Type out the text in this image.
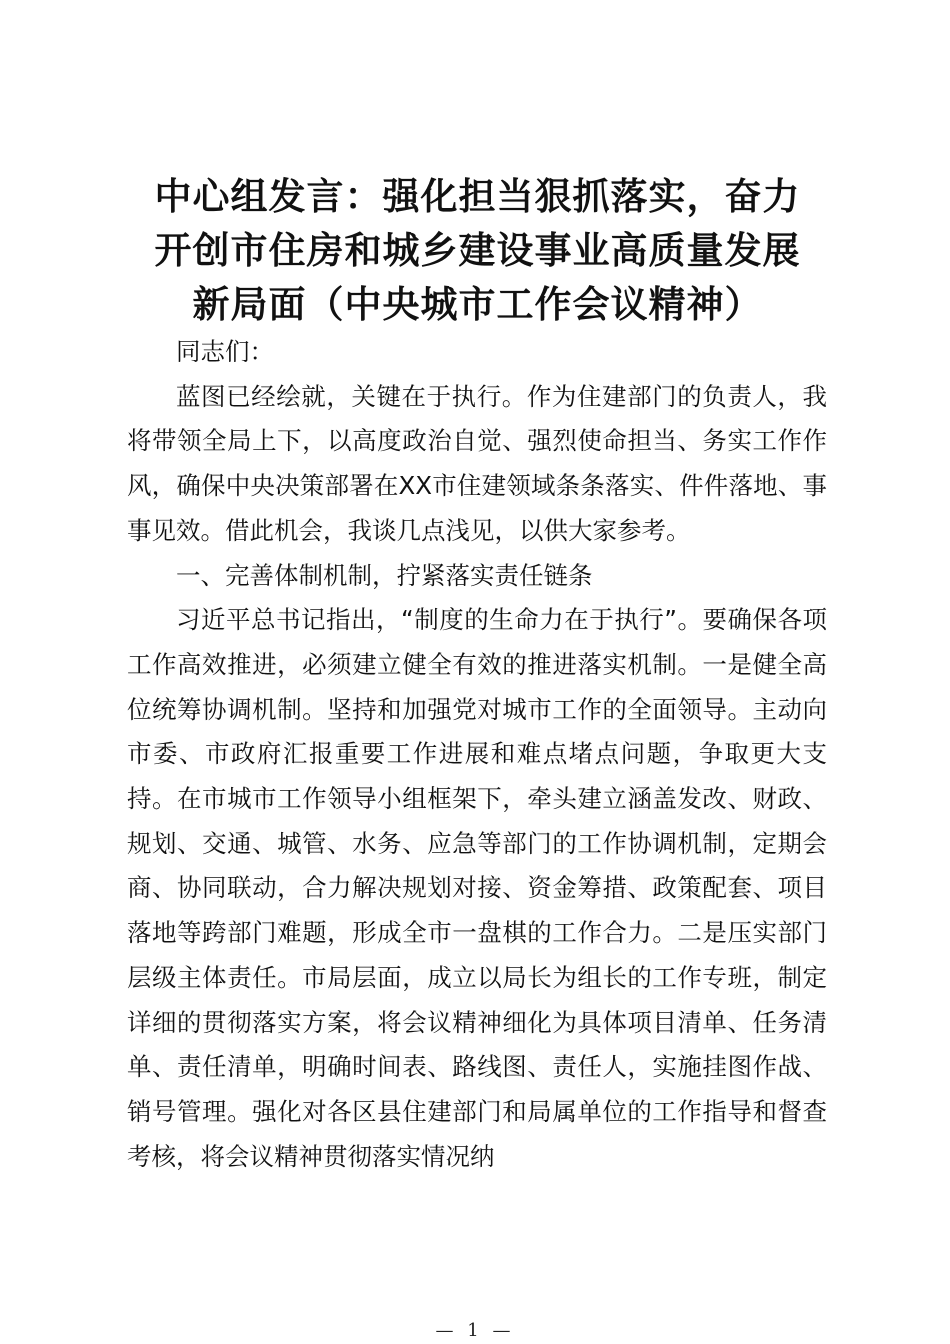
中心组发言：强化担当狠抓落实，奋力
开创市住房和城乡建设事业高质量发展
新局面（中央城市工作会议精神）

同志们：

蓝图已经绘就，关键在于执行。作为住建部门的负责人，我将带领全局上下，以高度政治自觉、强烈使命担当、务实工作作风，确保中央决策部署在XX市住建领域条条落实、件件落地、事事见效。借此机会，我谈几点浅见，以供大家参考。

一、完善体制机制，拧紧落实责任链条

习近平总书记指出，“制度的生命力在于执行”。要确保各项工作高效推进，必须建立健全有效的推进落实机制。一是健全高位统筹协调机制。坚持和加强党对城市工作的全面领导。主动向市委、市政府汇报重要工作进展和难点堵点问题，争取更大支持。在市城市工作领导小组框架下，牵头建立涵盖发改、财政、规划、交通、城管、水务、应急等部门的工作协调机制，定期会商、协同联动，合力解决规划对接、资金筹措、政策配套、项目落地等跨部门难题，形成全市一盘棋的工作合力。二是压实部门层级主体责任。市局层面，成立以局长为组长的工作专班，制定详细的贯彻落实方案，将会议精神细化为具体项目清单、任务清单、责任清单，明确时间表、路线图、责任人，实施挂图作战、销号管理。强化对各区县住建部门和局属单位的工作指导和督查考核，将会议精神贯彻落实情况纳

— 1 —
